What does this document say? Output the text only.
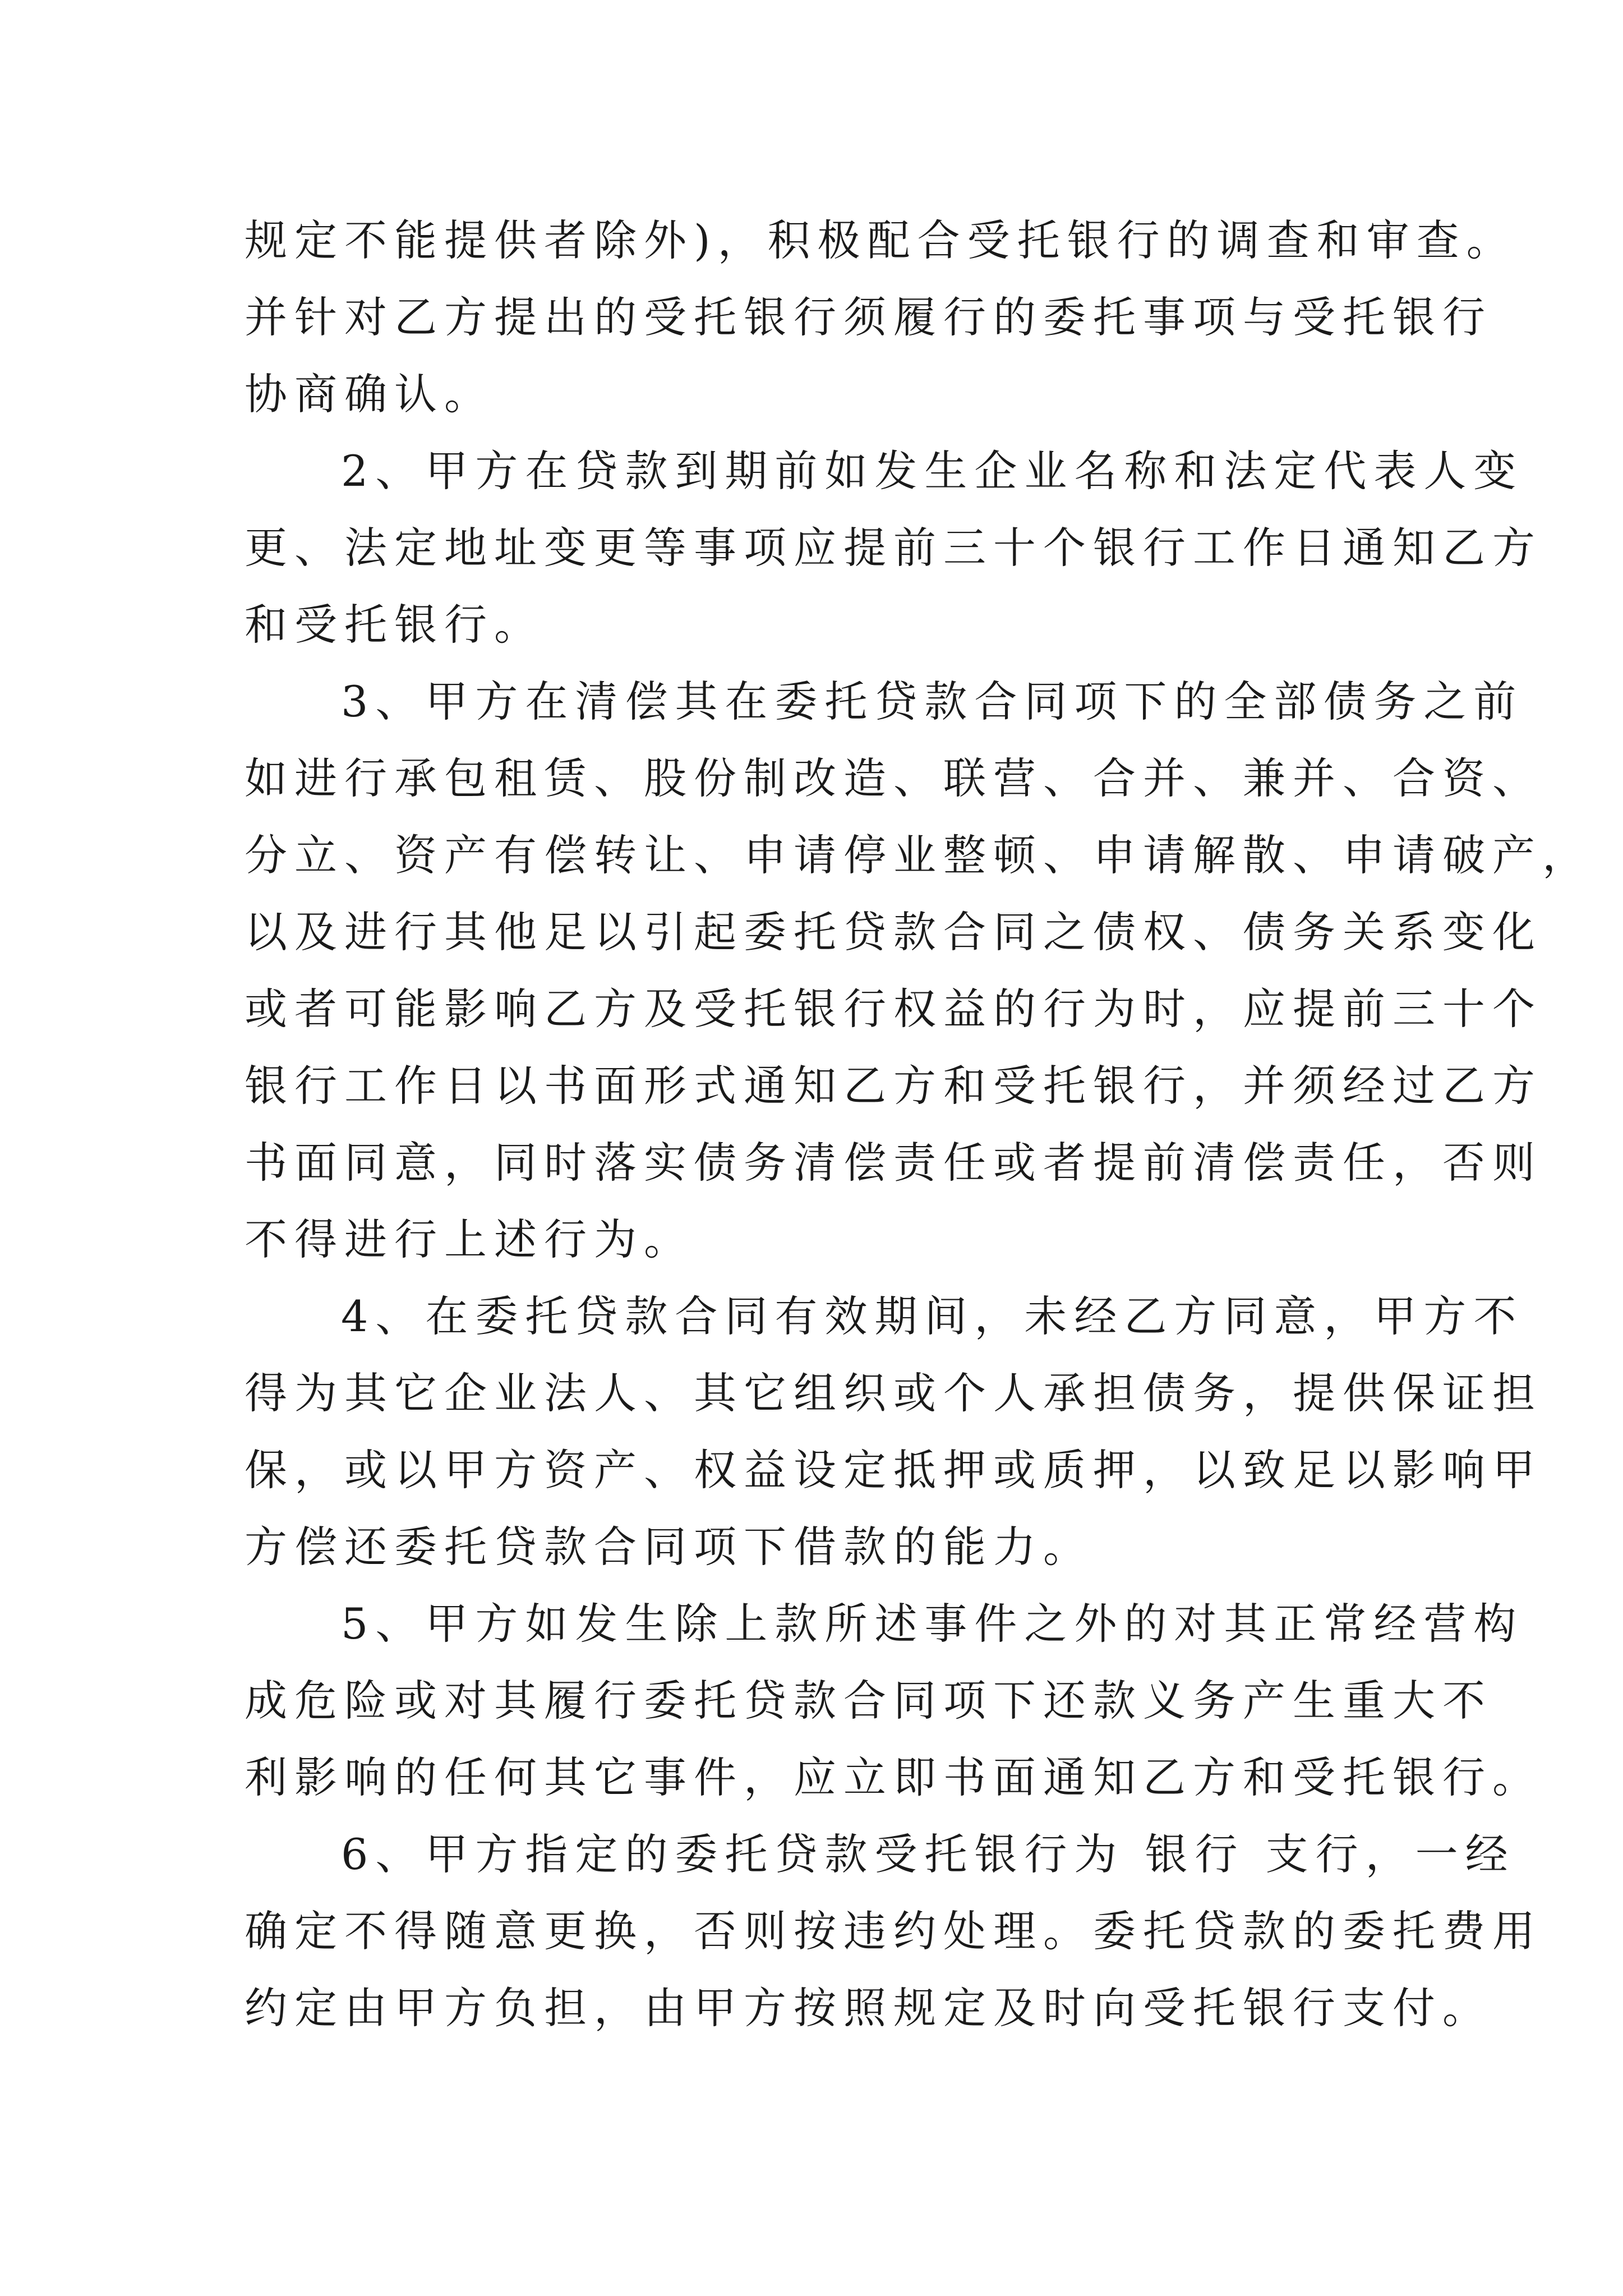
规定不能提供者除外)，积极配合受托银行的调查和审查。
并针对乙方提出的受托银行须履行的委托事项与受托银行
协商确认。

2、甲方在贷款到期前如发生企业名称和法定代表人变
更、法定地址变更等事项应提前三十个银行工作日通知乙方
和受托银行。

3、甲方在清偿其在委托贷款合同项下的全部债务之前
如进行承包租赁、股份制改造、联营、合并、兼并、合资、
分立、资产有偿转让、申请停业整顿、申请解散、申请破产，
以及进行其他足以引起委托贷款合同之债权、债务关系变化
或者可能影响乙方及受托银行权益的行为时，应提前三十个
银行工作日以书面形式通知乙方和受托银行，并须经过乙方
书面同意，同时落实债务清偿责任或者提前清偿责任，否则
不得进行上述行为。

4、在委托贷款合同有效期间，未经乙方同意，甲方不
得为其它企业法人、其它组织或个人承担债务，提供保证担
保，或以甲方资产、权益设定抵押或质押，以致足以影响甲
方偿还委托贷款合同项下借款的能力。

5、甲方如发生除上款所述事件之外的对其正常经营构
成危险或对其履行委托贷款合同项下还款义务产生重大不
利影响的任何其它事件，应立即书面通知乙方和受托银行。

6、甲方指定的委托贷款受托银行为 银行 支行，一经
确定不得随意更换，否则按违约处理。委托贷款的委托费用
约定由甲方负担，由甲方按照规定及时向受托银行支付。
